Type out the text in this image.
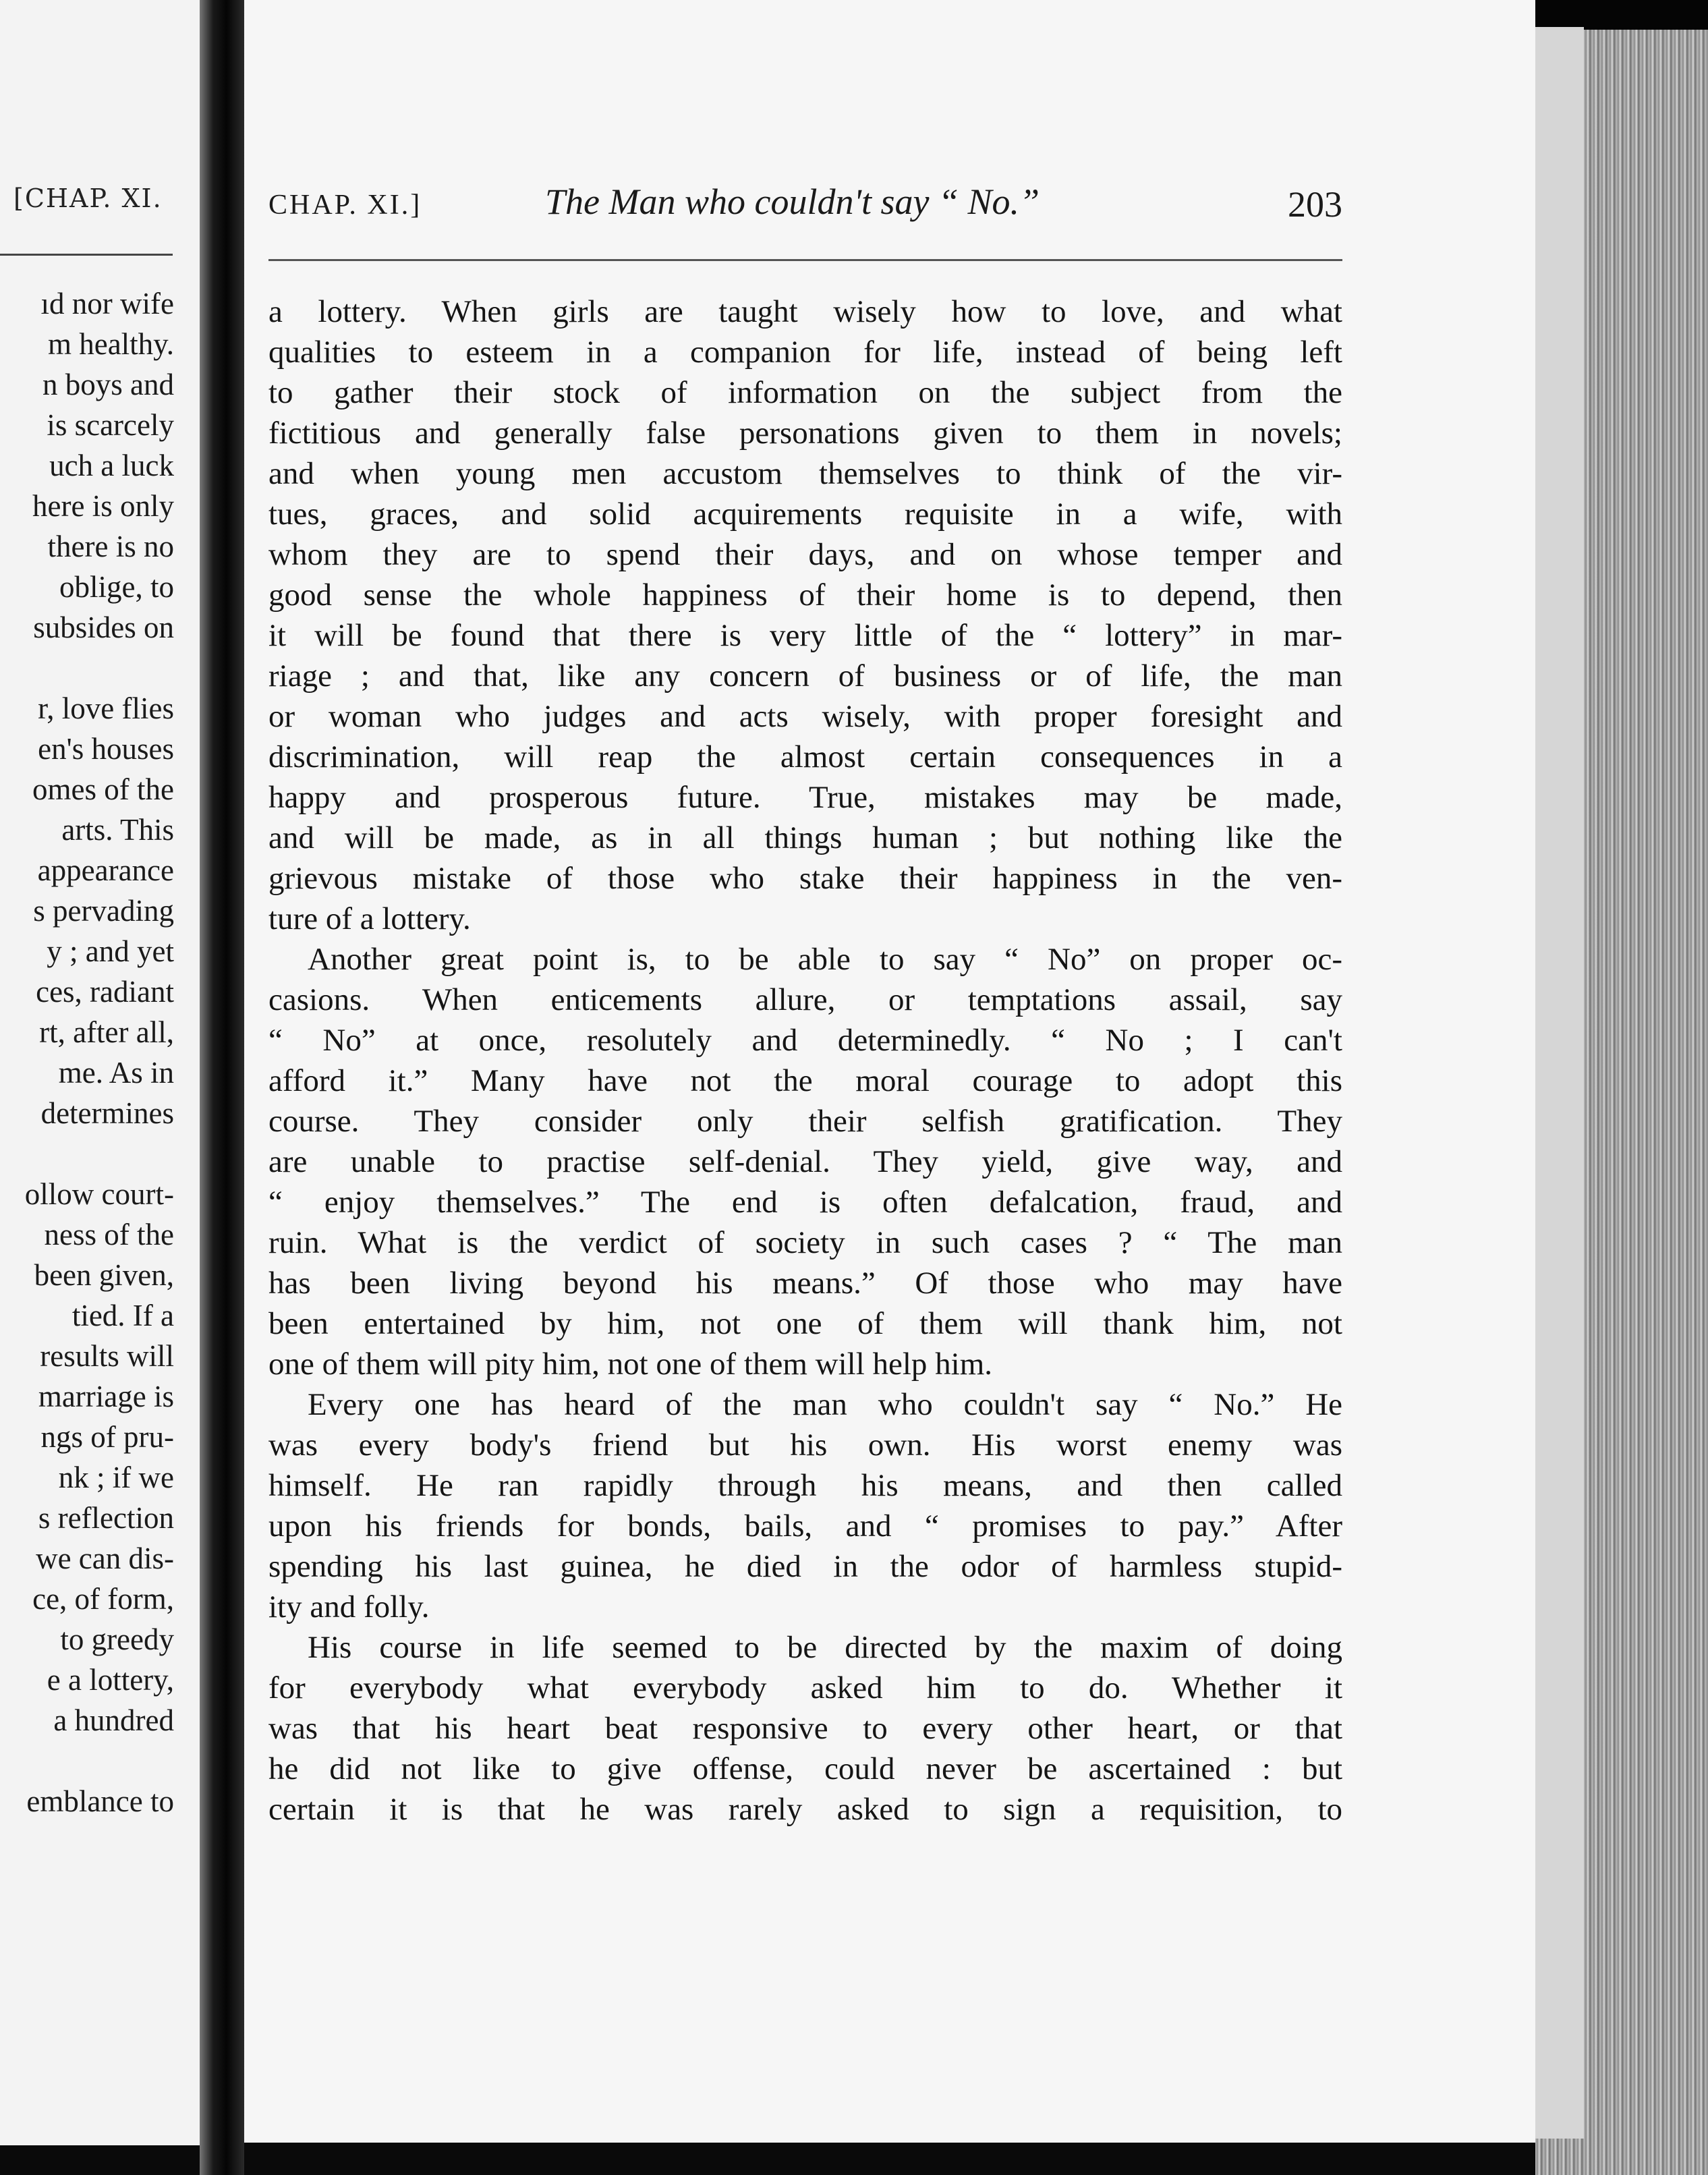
[CHAP. XI.
ıd nor wife
m healthy.
n boys and
is scarcely
uch a luck
here is only
there is no
oblige, to
subsides on
r, love flies
en's houses
omes of the
arts. This
appearance
s pervading
y ; and yet
ces, radiant
rt, after all,
me. As in
determines
ollow court-
ness of the
been given,
tied. If a
results will
marriage is
ngs of pru-
nk ; if we
s reflection
we can dis-
ce, of form,
to greedy
e a lottery,
a hundred
emblance to
CHAP. XI.]	The Man who couldn't say “ No.”	203
a lottery. When girls are taught wisely how to love, and what
qualities to esteem in a companion for life, instead of being left
to gather their stock of information on the subject from the
fictitious and generally false personations given to them in novels;
and when young men accustom themselves to think of the vir-
tues, graces, and solid acquirements requisite in a wife, with
whom they are to spend their days, and on whose temper and
good sense the whole happiness of their home is to depend, then
it will be found that there is very little of the “ lottery” in mar-
riage ; and that, like any concern of business or of life, the man
or woman who judges and acts wisely, with proper foresight and
discrimination, will reap the almost certain consequences in a
happy and prosperous future. True, mistakes may be made,
and will be made, as in all things human ; but nothing like the
grievous mistake of those who stake their happiness in the ven-
ture of a lottery.
Another great point is, to be able to say “ No” on proper oc-
casions. When enticements allure, or temptations assail, say
“ No” at once, resolutely and determinedly. “ No ; I can't
afford it.” Many have not the moral courage to adopt this
course. They consider only their selfish gratification. They
are unable to practise self-denial. They yield, give way, and
“ enjoy themselves.” The end is often defalcation, fraud, and
ruin. What is the verdict of society in such cases ? “ The man
has been living beyond his means.” Of those who may have
been entertained by him, not one of them will thank him, not
one of them will pity him, not one of them will help him.
Every one has heard of the man who couldn't say “ No.” He
was every body's friend but his own. His worst enemy was
himself. He ran rapidly through his means, and then called
upon his friends for bonds, bails, and “ promises to pay.” After
spending his last guinea, he died in the odor of harmless stupid-
ity and folly.
His course in life seemed to be directed by the maxim of doing
for everybody what everybody asked him to do. Whether it
was that his heart beat responsive to every other heart, or that
he did not like to give offense, could never be ascertained : but
certain it is that he was rarely asked to sign a requisition, to
